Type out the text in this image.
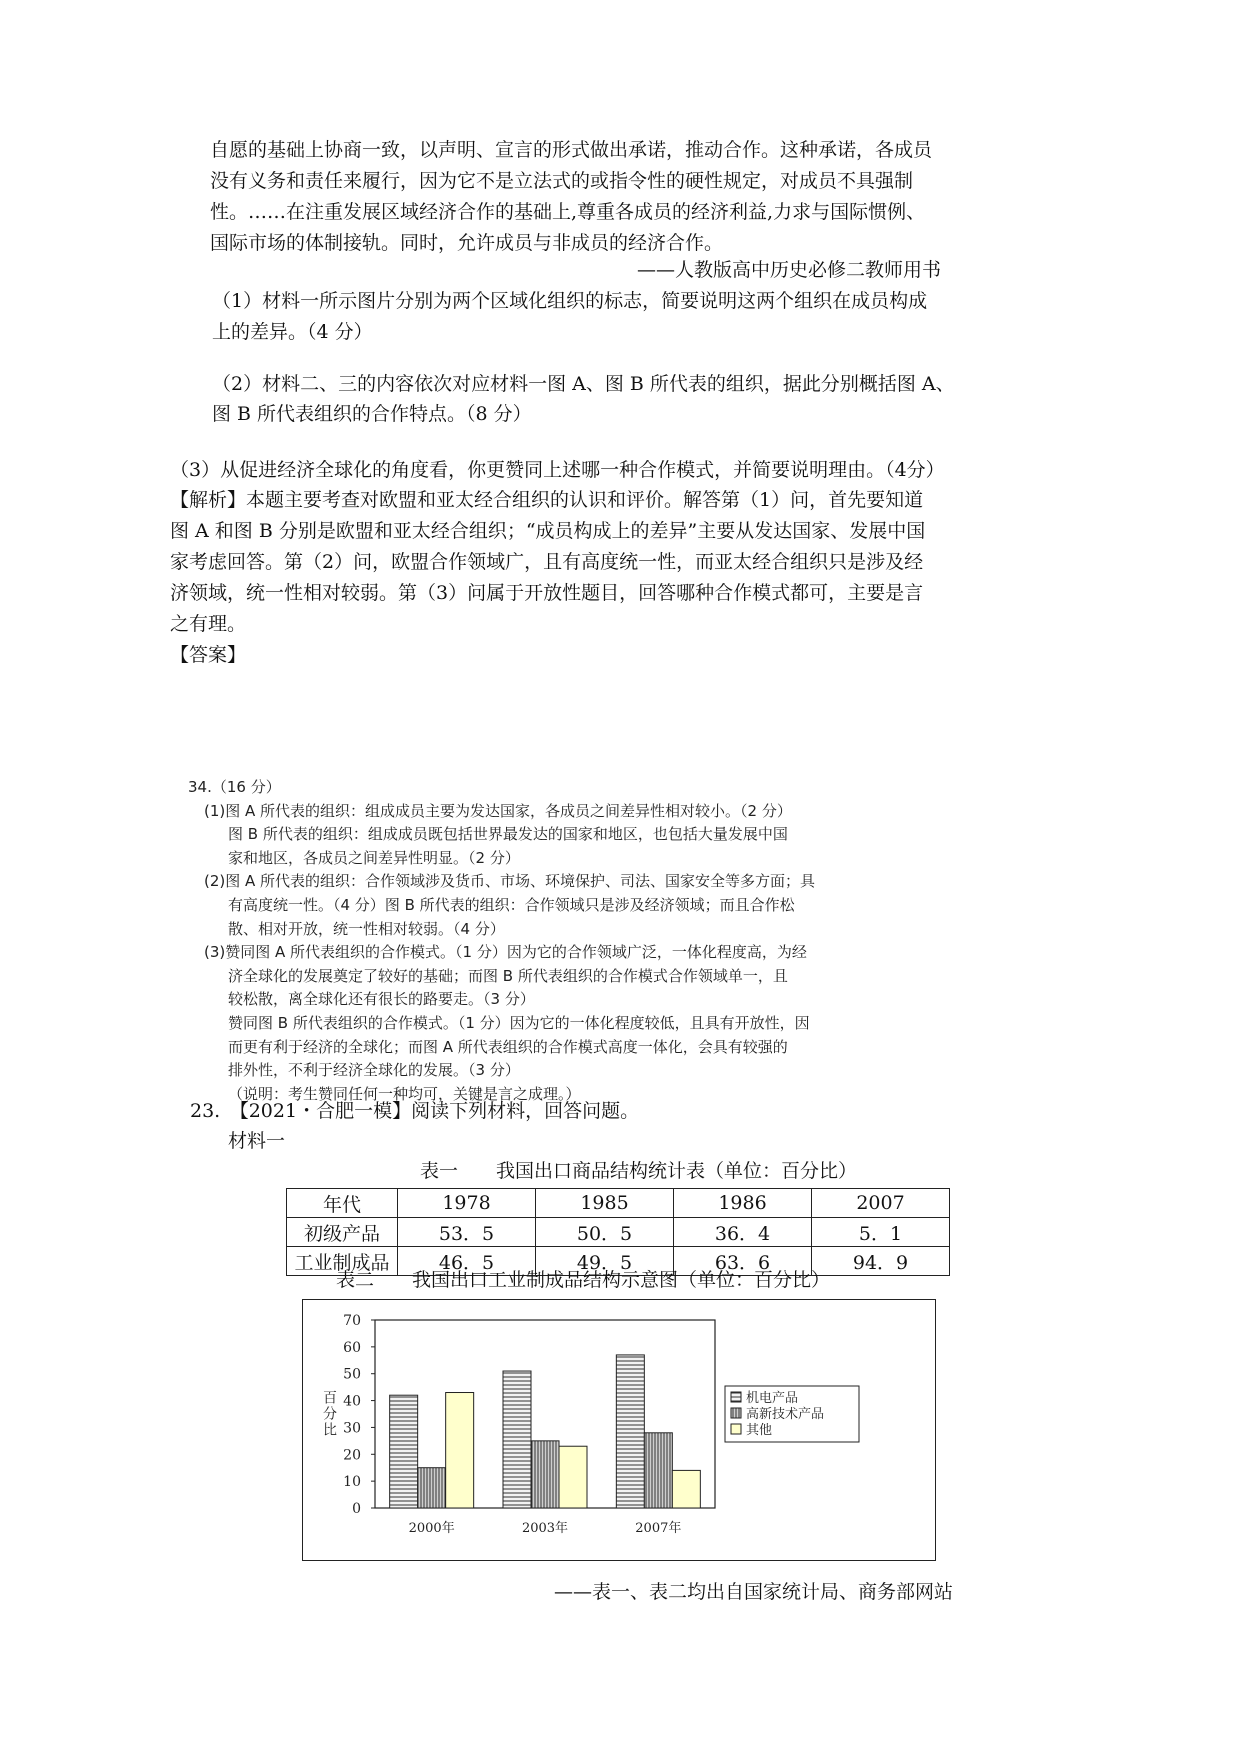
自愿的基础上协商一致，以声明、宣言的形式做出承诺，推动合作。这种承诺，各成员
没有义务和责任来履行，因为它不是立法式的或指令性的硬性规定，对成员不具强制
性。……在注重发展区域经济合作的基础上,尊重各成员的经济利益,力求与国际惯例、
国际市场的体制接轨。同时，允许成员与非成员的经济合作。
——人教版高中历史必修二教师用书
（1）材料一所示图片分别为两个区域化组织的标志，简要说明这两个组织在成员构成
上的差异。（4 分）
（2）材料二、三的内容依次对应材料一图 A、图 B 所代表的组织，据此分别概括图 A、
图 B 所代表组织的合作特点。（8 分）
（3）从促进经济全球化的角度看，你更赞同上述哪一种合作模式，并简要说明理由。（4分）
【解析】本题主要考查对欧盟和亚太经合组织的认识和评价。解答第（1）问，首先要知道
图 A 和图 B 分别是欧盟和亚太经合组织；“成员构成上的差异”主要从发达国家、发展中国
家考虑回答。第（2）问，欧盟合作领域广，且有高度统一性，而亚太经合组织只是涉及经
济领域，统一性相对较弱。第（3）问属于开放性题目，回答哪种合作模式都可，主要是言
之有理。
【答案】
34.（16 分）
(1)图 A 所代表的组织：组成成员主要为发达国家，各成员之间差异性相对较小。（2 分）
图 B 所代表的组织：组成成员既包括世界最发达的国家和地区，也包括大量发展中国
家和地区，各成员之间差异性明显。（2 分）
(2)图 A 所代表的组织：合作领域涉及货币、市场、环境保护、司法、国家安全等多方面；具
有高度统一性。（4 分）图 B 所代表的组织：合作领域只是涉及经济领域；而且合作松
散、相对开放，统一性相对较弱。（4 分）
(3)赞同图 A 所代表组织的合作模式。（1 分）因为它的合作领域广泛，一体化程度高，为经
济全球化的发展奠定了较好的基础；而图 B 所代表组织的合作模式合作领域单一，且
较松散，离全球化还有很长的路要走。（3 分）
赞同图 B 所代表组织的合作模式。（1 分）因为它的一体化程度较低，且具有开放性，因
而更有利于经济的全球化；而图 A 所代表组织的合作模式高度一体化，会具有较强的
排外性，不利于经济全球化的发展。（3 分）
（说明：考生赞同任何一种均可，关键是言之成理。）
23.　【2021・合肥一模】阅读下列材料，回答问题。
材料一
表一　　我国出口商品结构统计表（单位：百分比）
年代	1978	1985	1986	2007
初级产品	53．5	50．5	36．4	5．1
工业制成品	46．5	49．5	63．6	94．9
表二　　我国出口工业制成品结构示意图（单位：百分比）
0
10
20
30
40
50
60
70
百分比
2000年	2003年	2007年
机电产品
高新技术产品
其他
——表一、表二均出自国家统计局、商务部网站
